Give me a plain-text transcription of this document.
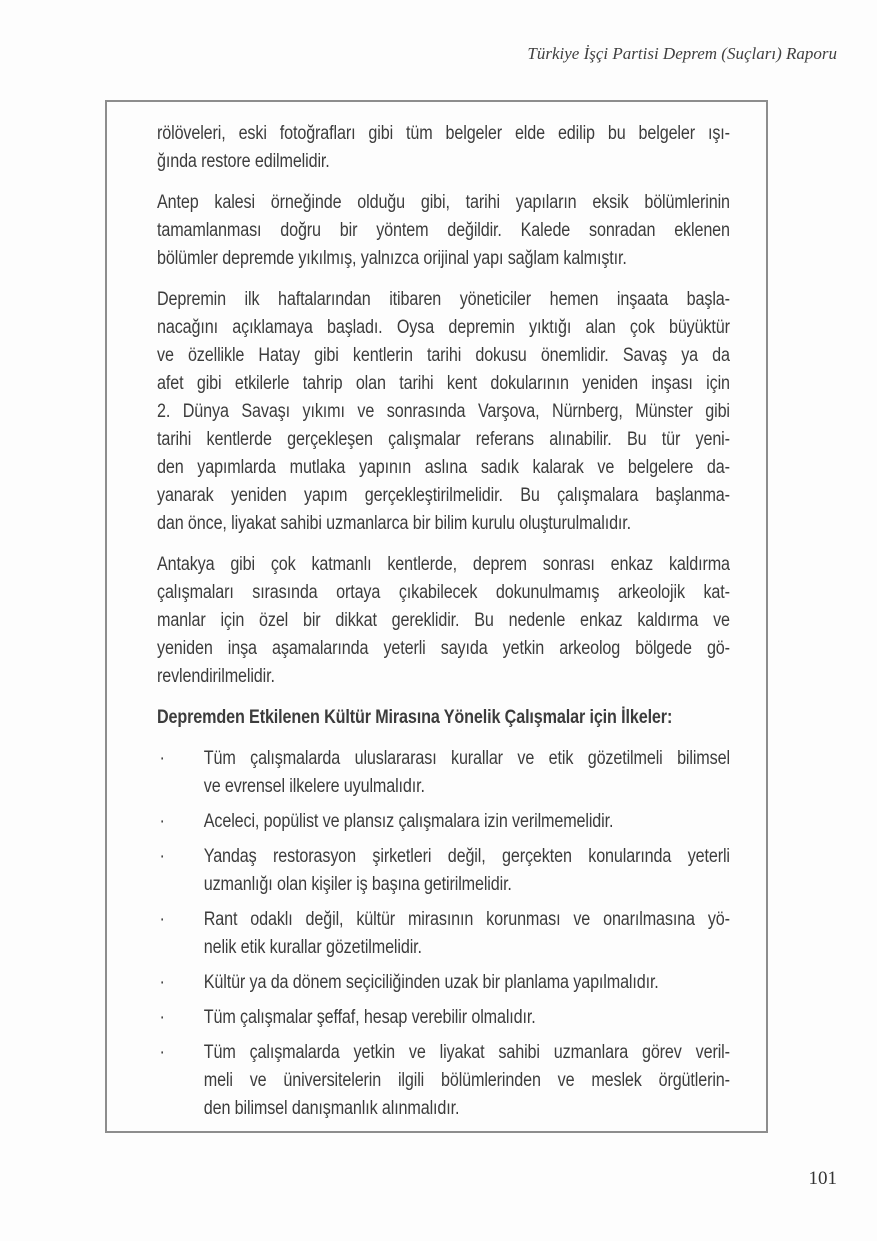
Türkiye İşçi Partisi Deprem (Suçları) Raporu
rölöveleri, eski fotoğrafları gibi tüm belgeler elde edilip bu belgeler ışı-
ğında restore edilmelidir.
Antep kalesi örneğinde olduğu gibi, tarihi yapıların eksik bölümlerinin
tamamlanması doğru bir yöntem değildir. Kalede sonradan eklenen
bölümler depremde yıkılmış, yalnızca orijinal yapı sağlam kalmıştır.
Depremin ilk haftalarından itibaren yöneticiler hemen inşaata başla-
nacağını açıklamaya başladı. Oysa depremin yıktığı alan çok büyüktür
ve özellikle Hatay gibi kentlerin tarihi dokusu önemlidir. Savaş ya da
afet gibi etkilerle tahrip olan tarihi kent dokularının yeniden inşası için
2. Dünya Savaşı yıkımı ve sonrasında Varşova, Nürnberg, Münster gibi
tarihi kentlerde gerçekleşen çalışmalar referans alınabilir. Bu tür yeni-
den yapımlarda mutlaka yapının aslına sadık kalarak ve belgelere da-
yanarak yeniden yapım gerçekleştirilmelidir. Bu çalışmalara başlanma-
dan önce, liyakat sahibi uzmanlarca bir bilim kurulu oluşturulmalıdır.
Antakya gibi çok katmanlı kentlerde, deprem sonrası enkaz kaldırma
çalışmaları sırasında ortaya çıkabilecek dokunulmamış arkeolojik kat-
manlar için özel bir dikkat gereklidir. Bu nedenle enkaz kaldırma ve
yeniden inşa aşamalarında yeterli sayıda yetkin arkeolog bölgede gö-
revlendirilmelidir.
Depremden Etkilenen Kültür Mirasına Yönelik Çalışmalar için İlkeler:
· Tüm çalışmalarda uluslararası kurallar ve etik gözetilmeli bilimsel
ve evrensel ilkelere uyulmalıdır.
· Aceleci, popülist ve plansız çalışmalara izin verilmemelidir.
· Yandaş restorasyon şirketleri değil, gerçekten konularında yeterli
uzmanlığı olan kişiler iş başına getirilmelidir.
· Rant odaklı değil, kültür mirasının korunması ve onarılmasına yö-
nelik etik kurallar gözetilmelidir.
· Kültür ya da dönem seçiciliğinden uzak bir planlama yapılmalıdır.
· Tüm çalışmalar şeffaf, hesap verebilir olmalıdır.
· Tüm çalışmalarda yetkin ve liyakat sahibi uzmanlara görev veril-
meli ve üniversitelerin ilgili bölümlerinden ve meslek örgütlerin-
den bilimsel danışmanlık alınmalıdır.
101
